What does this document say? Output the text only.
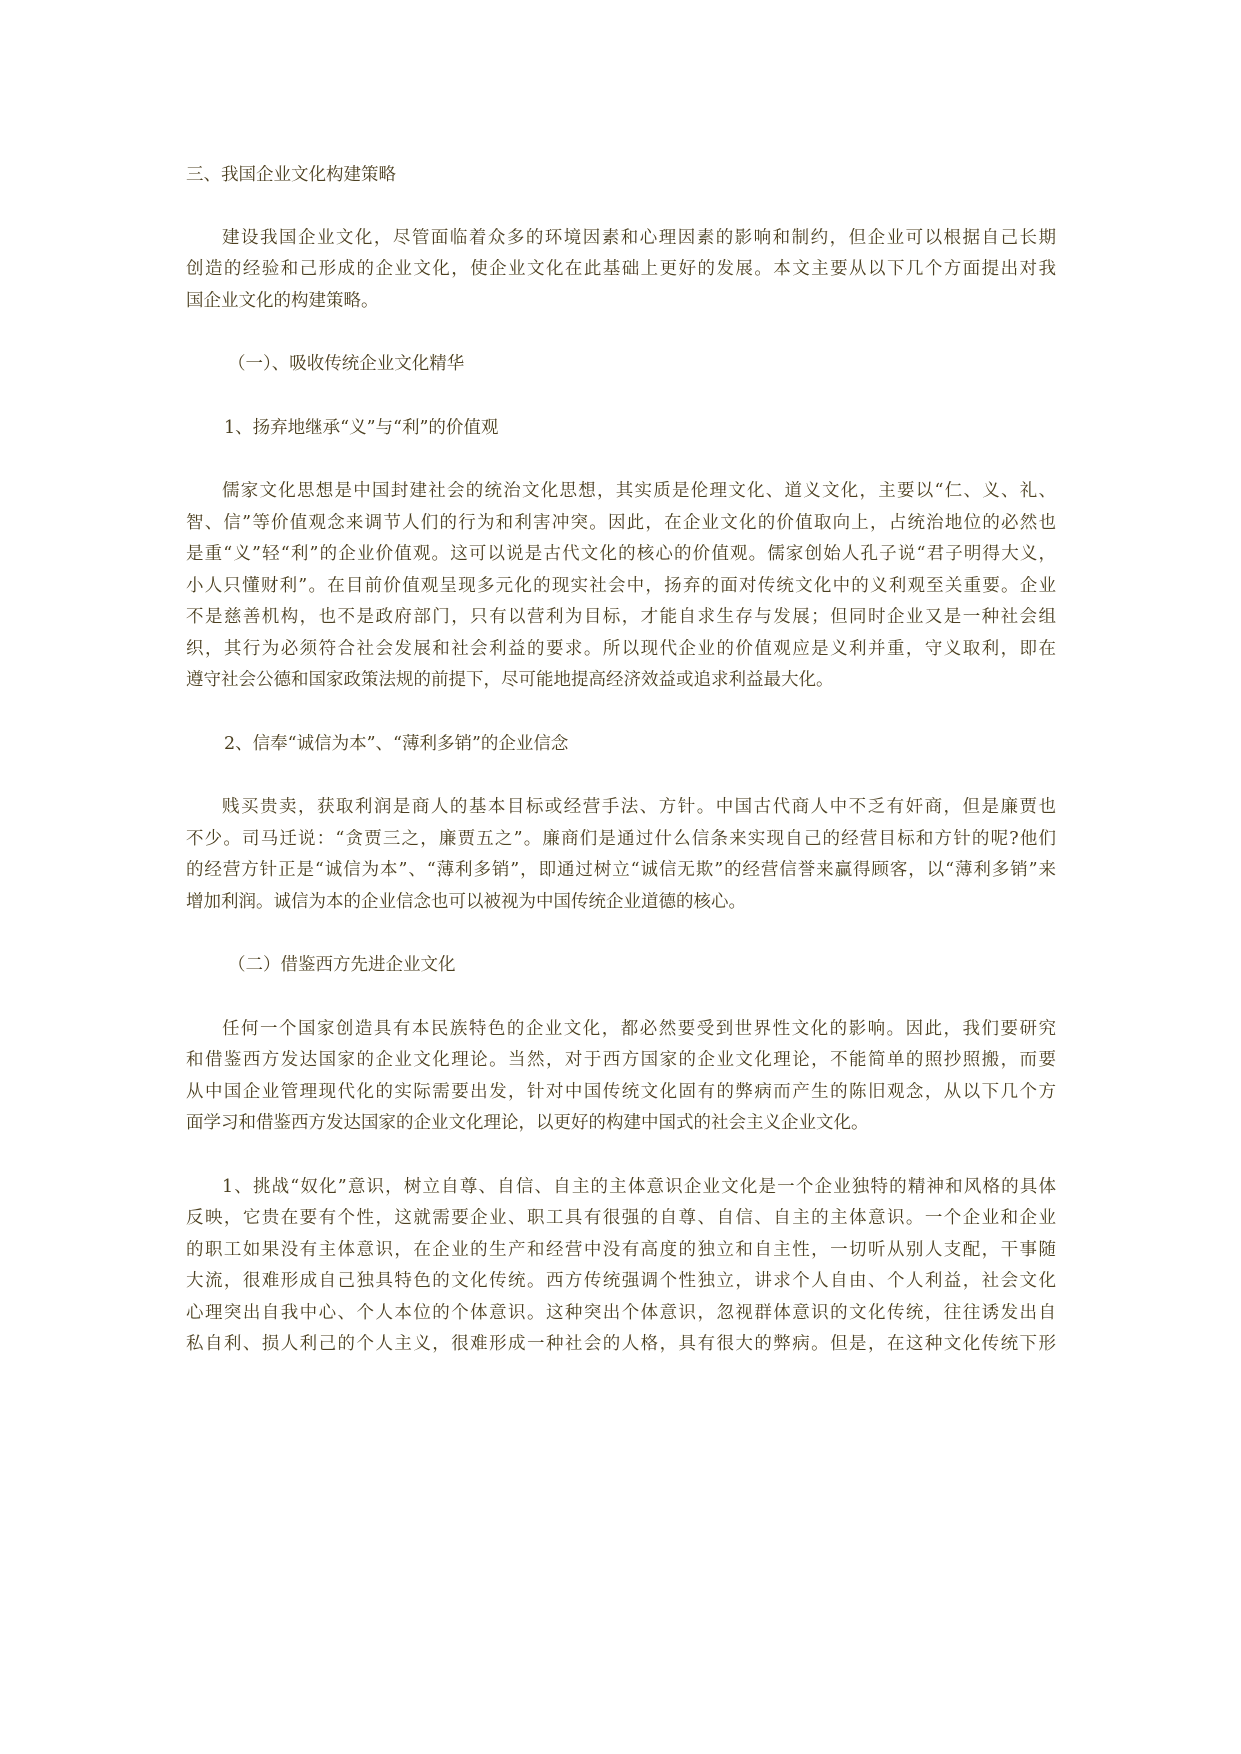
三、我国企业文化构建策略
建设我国企业文化，尽管面临着众多的环境因素和心理因素的影响和制约，但企业可以根据自己长期
创造的经验和己形成的企业文化，使企业文化在此基础上更好的发展。本文主要从以下几个方面提出对我
国企业文化的构建策略。
（一）、吸收传统企业文化精华
1、扬弃地继承“义”与“利”的价值观
儒家文化思想是中国封建社会的统治文化思想，其实质是伦理文化、道义文化，主要以“仁、义、礼、
智、信”等价值观念来调节人们的行为和利害冲突。因此，在企业文化的价值取向上，占统治地位的必然也
是重“义”轻“利”的企业价值观。这可以说是古代文化的核心的价值观。儒家创始人孔子说“君子明得大义，
小人只懂财利”。在目前价值观呈现多元化的现实社会中，扬弃的面对传统文化中的义利观至关重要。企业
不是慈善机构，也不是政府部门，只有以营利为目标，才能自求生存与发展；但同时企业又是一种社会组
织，其行为必须符合社会发展和社会利益的要求。所以现代企业的价值观应是义利并重，守义取利，即在
遵守社会公德和国家政策法规的前提下，尽可能地提高经济效益或追求利益最大化。
2、信奉“诚信为本”、“薄利多销”的企业信念
贱买贵卖，获取利润是商人的基本目标或经营手法、方针。中国古代商人中不乏有奸商，但是廉贾也
不少。司马迁说：“贪贾三之，廉贾五之”。廉商们是通过什么信条来实现自己的经营目标和方针的呢?他们
的经营方针正是“诚信为本”、“薄利多销”，即通过树立“诚信无欺”的经营信誉来赢得顾客，以“薄利多销”来
增加利润。诚信为本的企业信念也可以被视为中国传统企业道德的核心。
（二）借鉴西方先进企业文化
任何一个国家创造具有本民族特色的企业文化，都必然要受到世界性文化的影响。因此，我们要研究
和借鉴西方发达国家的企业文化理论。当然，对于西方国家的企业文化理论，不能简单的照抄照搬，而要
从中国企业管理现代化的实际需要出发，针对中国传统文化固有的弊病而产生的陈旧观念，从以下几个方
面学习和借鉴西方发达国家的企业文化理论，以更好的构建中国式的社会主义企业文化。
1、挑战“奴化”意识，树立自尊、自信、自主的主体意识企业文化是一个企业独特的精神和风格的具体
反映，它贵在要有个性，这就需要企业、职工具有很强的自尊、自信、自主的主体意识。一个企业和企业
的职工如果没有主体意识，在企业的生产和经营中没有高度的独立和自主性，一切听从别人支配，干事随
大流，很难形成自己独具特色的文化传统。西方传统强调个性独立，讲求个人自由、个人利益，社会文化
心理突出自我中心、个人本位的个体意识。这种突出个体意识，忽视群体意识的文化传统，往往诱发出自
私自利、损人利己的个人主义，很难形成一种社会的人格，具有很大的弊病。但是，在这种文化传统下形
